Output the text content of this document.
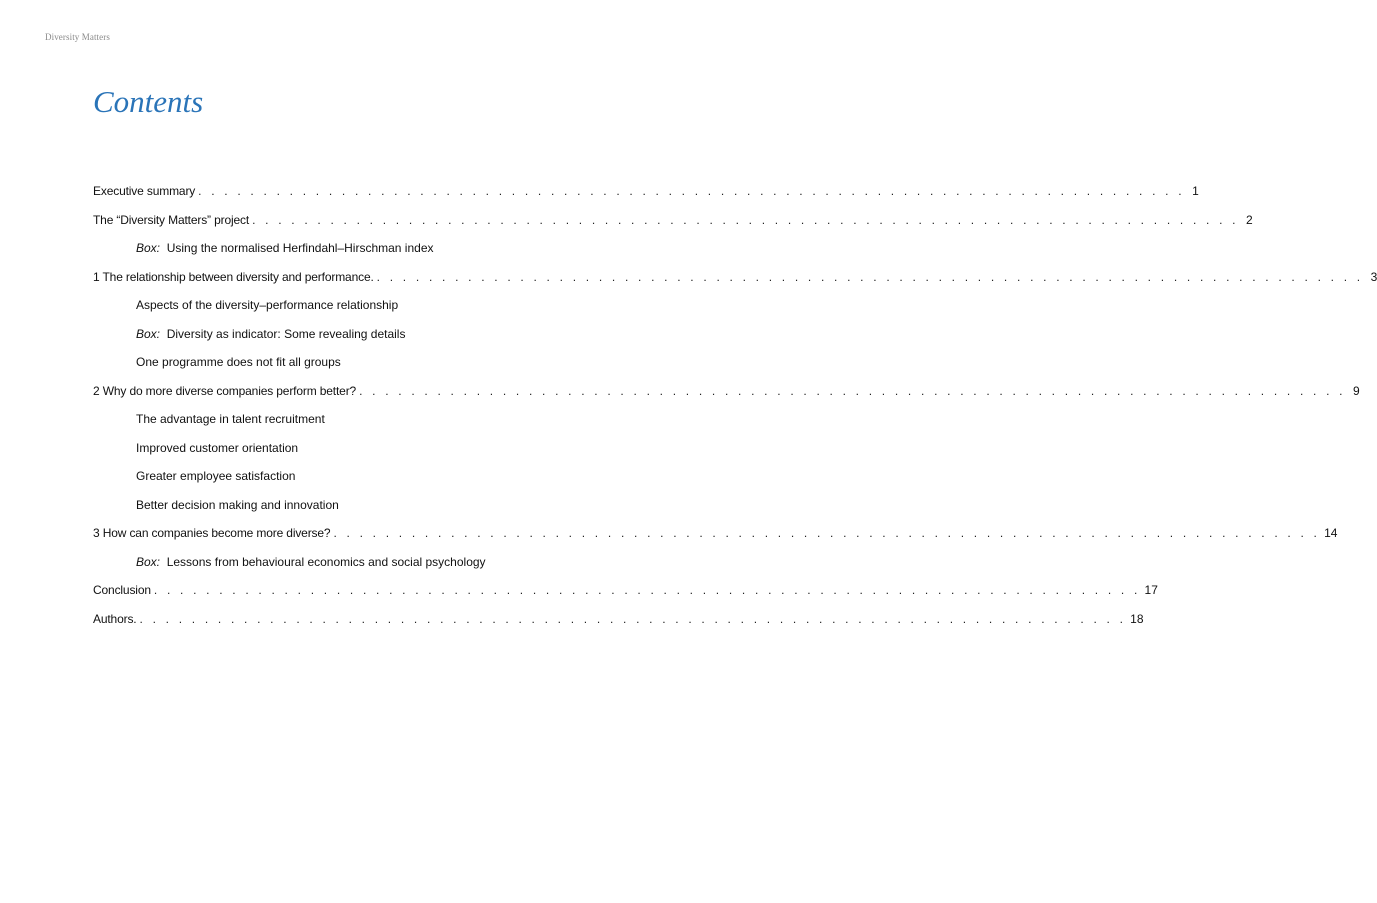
Diversity Matters
Contents
Executive summary . . . . . . . . . . . . . . . . . . . . . . . . . . . . . . . . . . . . . . . . . . . . . . . . . . . . . . . . . . . . . . . . . . . . . . . . . . . . 1
The “Diversity Matters” project . . . . . . . . . . . . . . . . . . . . . . . . . . . . . . . . . . . . . . . . . . . . . . . . . . . . . . . . . . . . . . . . . . . . . . . . . . . . 2
Box:  Using the normalised Herfindahl–Hirschman index
1 The relationship between diversity and performance. . . . . . . . . . . . . . . . . . . . . . . . . . . . . . . . . . . . . . . . . . . . . . . . . . . . . . . . . . . . . . . . . . . . . . . . . . . . . 3
Aspects of the diversity–performance relationship
Box:  Diversity as indicator: Some revealing details
One programme does not fit all groups
2 Why do more diverse companies perform better? . . . . . . . . . . . . . . . . . . . . . . . . . . . . . . . . . . . . . . . . . . . . . . . . . . . . . . . . . . . . . . . . . . . . . . . . . . . . 9
The advantage in talent recruitment
Improved customer orientation
Greater employee satisfaction
Better decision making and innovation
3 How can companies become more diverse? . . . . . . . . . . . . . . . . . . . . . . . . . . . . . . . . . . . . . . . . . . . . . . . . . . . . . . . . . . . . . . . . . . . . . . . . . . . . 14
Box:  Lessons from behavioural economics and social psychology
Conclusion . . . . . . . . . . . . . . . . . . . . . . . . . . . . . . . . . . . . . . . . . . . . . . . . . . . . . . . . . . . . . . . . . . . . . . . . . . . . 17
Authors. . . . . . . . . . . . . . . . . . . . . . . . . . . . . . . . . . . . . . . . . . . . . . . . . . . . . . . . . . . . . . . . . . . . . . . . . . . . . 18
